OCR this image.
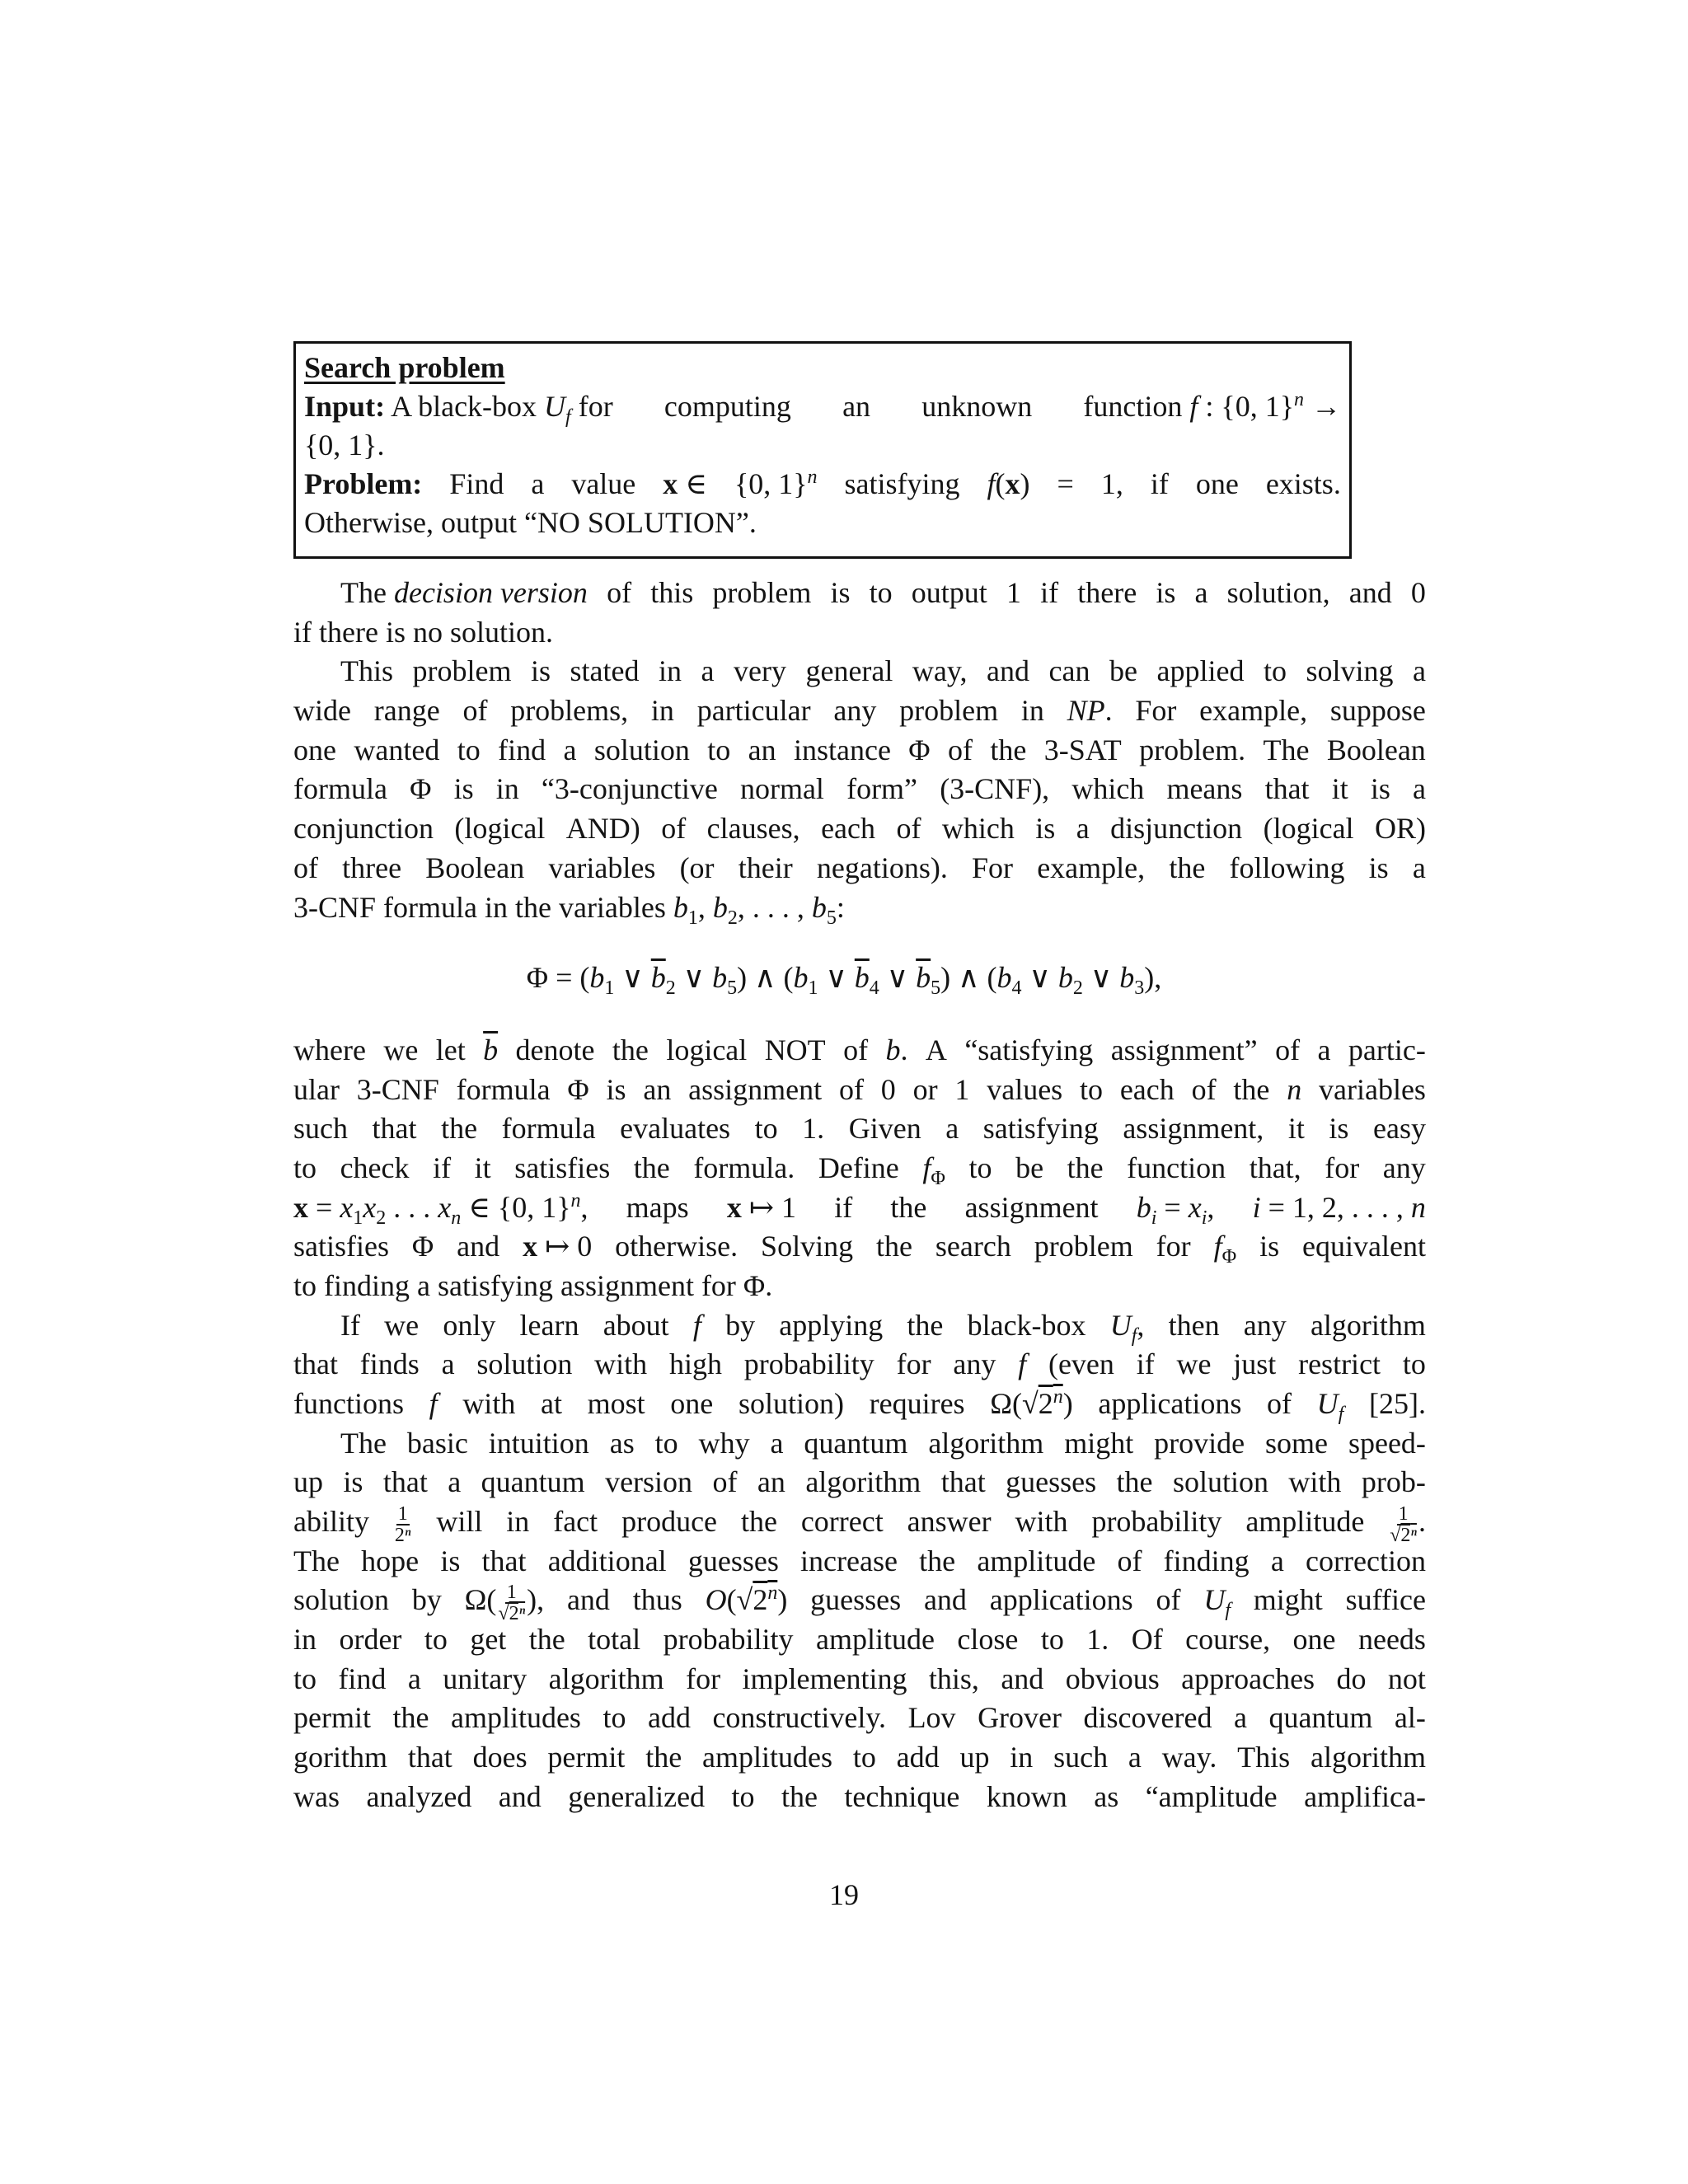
Search problem
Input: A black-box $U_f$ for computing an unknown function f : {0, 1}$^n$ →
{0, 1}.
Problem: Find a value x ∈ {0, 1}$^n$ satisfying f(x) = 1, if one exists.
Otherwise, output “NO SOLUTION”.
The decision version of this problem is to output 1 if there is a solution, and 0
if there is no solution.
This problem is stated in a very general way, and can be applied to solving a
wide range of problems, in particular any problem in NP. For example, suppose
one wanted to find a solution to an instance Φ of the 3-SAT problem. The Boolean
formula Φ is in “3-conjunctive normal form” (3-CNF), which means that it is a
conjunction (logical AND) of clauses, each of which is a disjunction (logical OR)
of three Boolean variables (or their negations). For example, the following is a
3-CNF formula in the variables $b_1$, $b_2$, . . . , $b_5$:
$\Phi = (b_1$ ∨ $\overline{b}_2$ ∨ $b_5$) ∧ ($b_1$ ∨ $\overline{b}_4$ ∨ $\overline{b}_5$) ∧ ($b_4$ ∨ $b_2$ ∨ $b_3$),
where we let $\overline{b}$ denote the logical NOT of b. A “satisfying assignment” of a partic-
ular 3-CNF formula Φ is an assignment of 0 or 1 values to each of the n variables
such that the formula evaluates to 1. Given a satisfying assignment, it is easy
to check if it satisfies the formula. Define $f_\Phi$ to be the function that, for any
$x = x_1x_2$ . . . $x_n$ ∈ {0, 1}$^n$, maps x ↦ 1 if the assignment $b_i = x_i$, i = 1, 2, . . . , n
satisfies Φ and x ↦ 0 otherwise. Solving the search problem for $f_\Phi$ is equivalent
to finding a satisfying assignment for Φ.
If we only learn about f by applying the black-box $U_f$, then any algorithm
that finds a solution with high probability for any f (even if we just restrict to
functions f with at most one solution) requires Ω(√2$^n$) applications of $U_f$ [25].
The basic intuition as to why a quantum algorithm might provide some speed-
up is that a quantum version of an algorithm that guesses the solution with prob-
ability $\frac{1}{\text{2ⁿ}}$ will in fact produce the correct answer with probability amplitude $\frac{1}{\text{√2ⁿ}}$ .
The hope is that additional guesses increase the amplitude of finding a correction
solution by $\Omega( \frac{1}{\text{√2ⁿ}}$ ), and thus O(√2$^n$) guesses and applications of $U_f$ might suffice
in order to get the total probability amplitude close to 1. Of course, one needs
to find a unitary algorithm for implementing this, and obvious approaches do not
permit the amplitudes to add constructively. Lov Grover discovered a quantum al-
gorithm that does permit the amplitudes to add up in such a way. This algorithm
was analyzed and generalized to the technique known as “amplitude amplifica-
19
